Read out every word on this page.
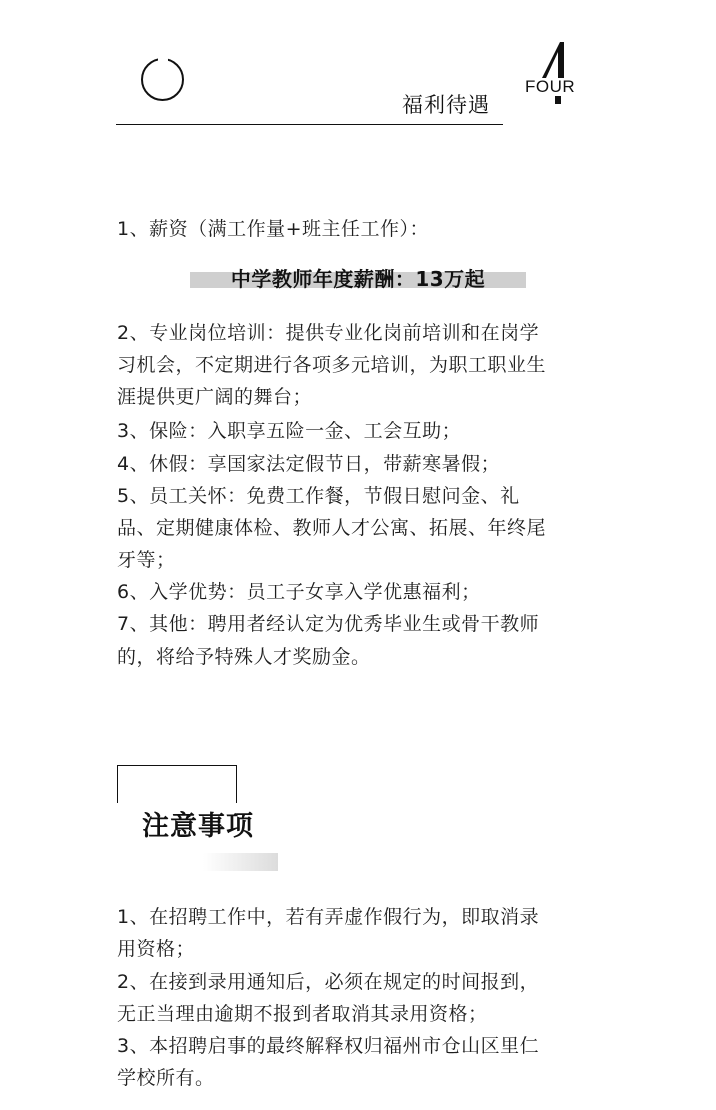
福利待遇
FOUR
1、薪资（满工作量+班主任工作）：
中学教师年度薪酬：13万起
2、专业岗位培训：提供专业化岗前培训和在岗学
习机会，不定期进行各项多元培训，为职工职业生
涯提供更广阔的舞台；
3、保险：入职享五险一金、工会互助；
4、休假：享国家法定假节日，带薪寒暑假；
5、员工关怀：免费工作餐，节假日慰问金、礼
品、定期健康体检、教师人才公寓、拓展、年终尾
牙等；
6、入学优势：员工子女享入学优惠福利；
7、其他：聘用者经认定为优秀毕业生或骨干教师
的，将给予特殊人才奖励金。
注意事项
1、在招聘工作中，若有弄虚作假行为，即取消录
用资格；
2、在接到录用通知后，必须在规定的时间报到，
无正当理由逾期不报到者取消其录用资格；
3、本招聘启事的最终解释权归福州市仓山区里仁
学校所有。
